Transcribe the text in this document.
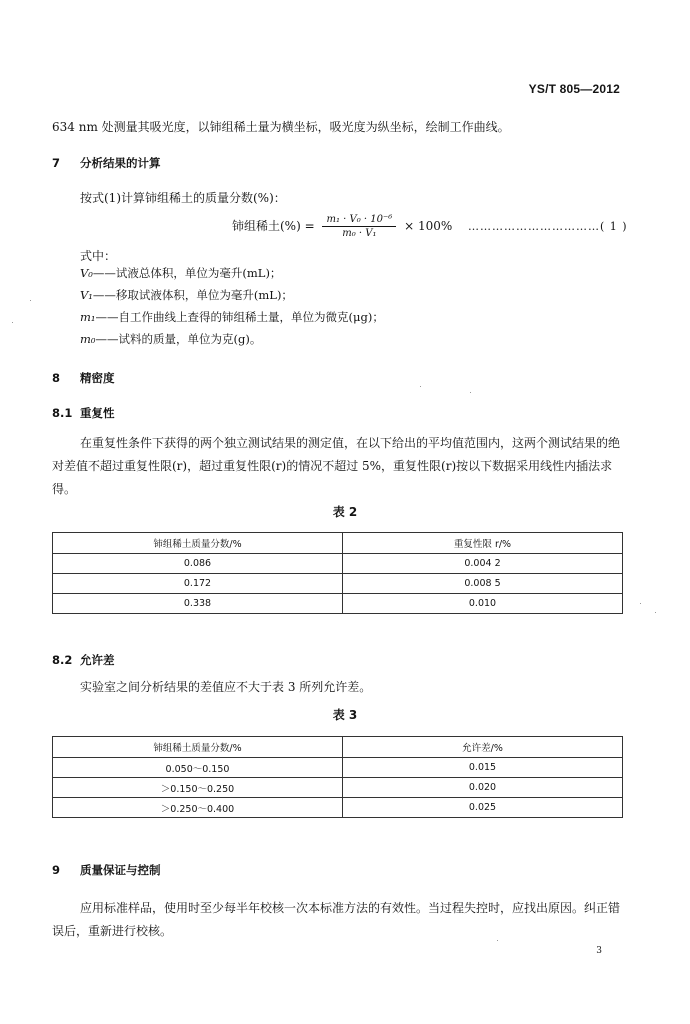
YS/T 805—2012
634 nm 处测量其吸光度，以铈组稀土量为横坐标，吸光度为纵坐标，绘制工作曲线。
7 分析结果的计算
按式(1)计算铈组稀土的质量分数(%)：
铈组稀土(%) = $\frac{\text{m₁ · V₀ · 10⁻⁶}}{\text{m₀ · V₁}} \times 100\%$ ……………………………( 1 )
式中：
V₀——试液总体积，单位为毫升(mL)；
V₁——移取试液体积，单位为毫升(mL)；
m₁——自工作曲线上查得的铈组稀土量，单位为微克(μg)；
m₀——试料的质量，单位为克(g)。
8 精密度
8.1 重复性
在重复性条件下获得的两个独立测试结果的测定值，在以下给出的平均值范围内，这两个测试结果的绝对差值不超过重复性限(r)，超过重复性限(r)的情况不超过 5%，重复性限(r)按以下数据采用线性内插法求得。
表 2
铈组稀土质量分数/%	重复性限 r/%
0.086	0.004 2
0.172	0.008 5
0.338	0.010
8.2 允许差
实验室之间分析结果的差值应不大于表 3 所列允许差。
表 3
铈组稀土质量分数/%	允许差/%
0.050～0.150	0.015
＞0.150～0.250	0.020
＞0.250～0.400	0.025
9 质量保证与控制
应用标准样品，使用时至少每半年校核一次本标准方法的有效性。当过程失控时，应找出原因。纠正错误后，重新进行校核。
3
